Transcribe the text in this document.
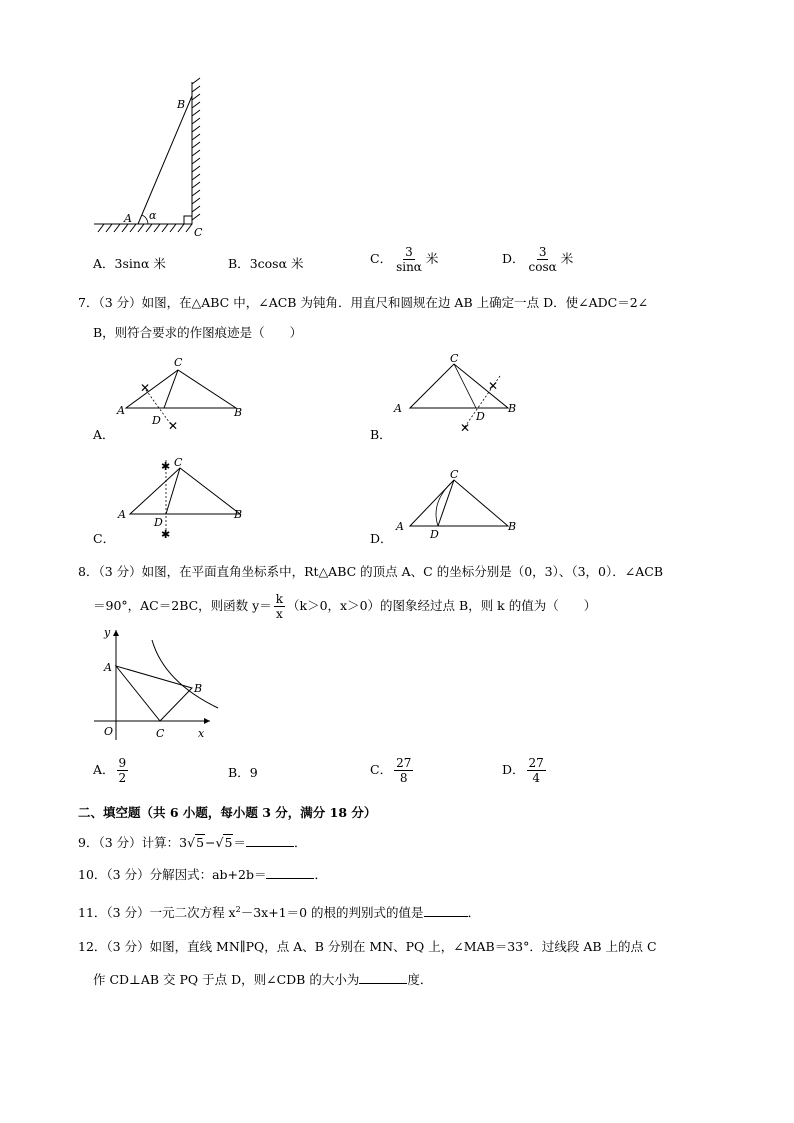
B
A α
C
A．3sinα 米	B．3cosα 米	C． $\frac{3}{\sin\alpha}$ 米	D． $\frac{3}{\cos\alpha}$ 米
7．（3 分）如图，在△ABC 中，∠ACB 为钝角．用直尺和圆规在边 AB 上确定一点 D．使∠ADC＝2∠
B，则符合要求的作图痕迹是（　　）
✕
✕
C
A	B
D
A．
✕
✕
C
A	B
D
B．
✱
✱
C
A	B
D
C．
C
A	B
D
D．
8．（3 分）如图，在平面直角坐标系中，Rt△ABC 的顶点 A、C 的坐标分别是（0，3）、（3，0）．∠ACB
＝90°，AC＝2BC，则函数 $y= \frac{k}{x} (k>0$，x＞0）的图象经过点 B，则 k 的值为（　　）
y
A
B
O	C	x
A． $\frac{9}{2}$	B．9	C． $\frac{27}{8}$	D． $\frac{27}{4}$
二、填空题（共 6 小题，每小题 3 分，满分 18 分）
9．（3 分）计算：3√5−√5＝	．
10．（3 分）分解因式：ab+2b＝	．
11．（3 分）一元二次方程 $x^2-3x+1=0$ 的根的判别式的值是	．
12．（3 分）如图，直线 MN∥PQ，点 A、B 分别在 MN、PQ 上，∠MAB＝33°．过线段 AB 上的点 C
作 CD⊥AB 交 PQ 于点 D，则∠CDB 的大小为	度．
